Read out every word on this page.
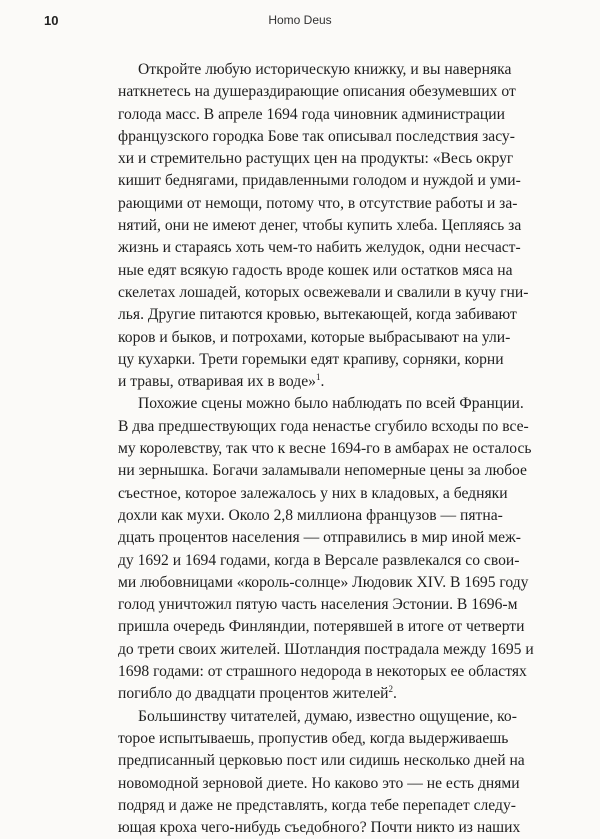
10	Homo Deus

Откройте любую историческую книжку, и вы наверняка
наткнетесь на душераздирающие описания обезумевших от
голода масс. В апреле 1694 года чиновник администрации
французского городка Бове так описывал последствия засу-
хи и стремительно растущих цен на продукты: «Весь округ
кишит беднягами, придавленными голодом и нуждой и уми-
рающими от немощи, потому что, в отсутствие работы и за-
нятий, они не имеют денег, чтобы купить хлеба. Цепляясь за
жизнь и стараясь хоть чем-то набить желудок, одни несчаст-
ные едят всякую гадость вроде кошек или остатков мяса на
скелетах лошадей, которых освежевали и свалили в кучу гни-
лья. Другие питаются кровью, вытекающей, когда забивают
коров и быков, и потрохами, которые выбрасывают на ули-
цу кухарки. Трети горемыки едят крапиву, сорняки, корни
и травы, отваривая их в воде»$^1$.

Похожие сцены можно было наблюдать по всей Франции.
В два предшествующих года ненастье сгубило всходы по все-
му королевству, так что к весне 1694-го в амбарах не осталось
ни зернышка. Богачи заламывали непомерные цены за любое
съестное, которое залежалось у них в кладовых, а бедняки
дохли как мухи. Около 2,8 миллиона французов — пятна-
дцать процентов населения — отправились в мир иной меж-
ду 1692 и 1694 годами, когда в Версале развлекался со свои-
ми любовницами «король-солнце» Людовик XIV. В 1695 году
голод уничтожил пятую часть населения Эстонии. В 1696-м
пришла очередь Финляндии, потерявшей в итоге от четверти
до трети своих жителей. Шотландия пострадала между 1695 и
1698 годами: от страшного недорода в некоторых ее областях
погибло до двадцати процентов жителей$^2$.

Большинству читателей, думаю, известно ощущение, ко-
торое испытываешь, пропустив обед, когда выдерживаешь
предписанный церковью пост или сидишь несколько дней на
новомодной зерновой диете. Но каково это — не есть днями
подряд и даже не представлять, когда тебе перепадет следу-
ющая кроха чего-нибудь съедобного? Почти никто из наших
